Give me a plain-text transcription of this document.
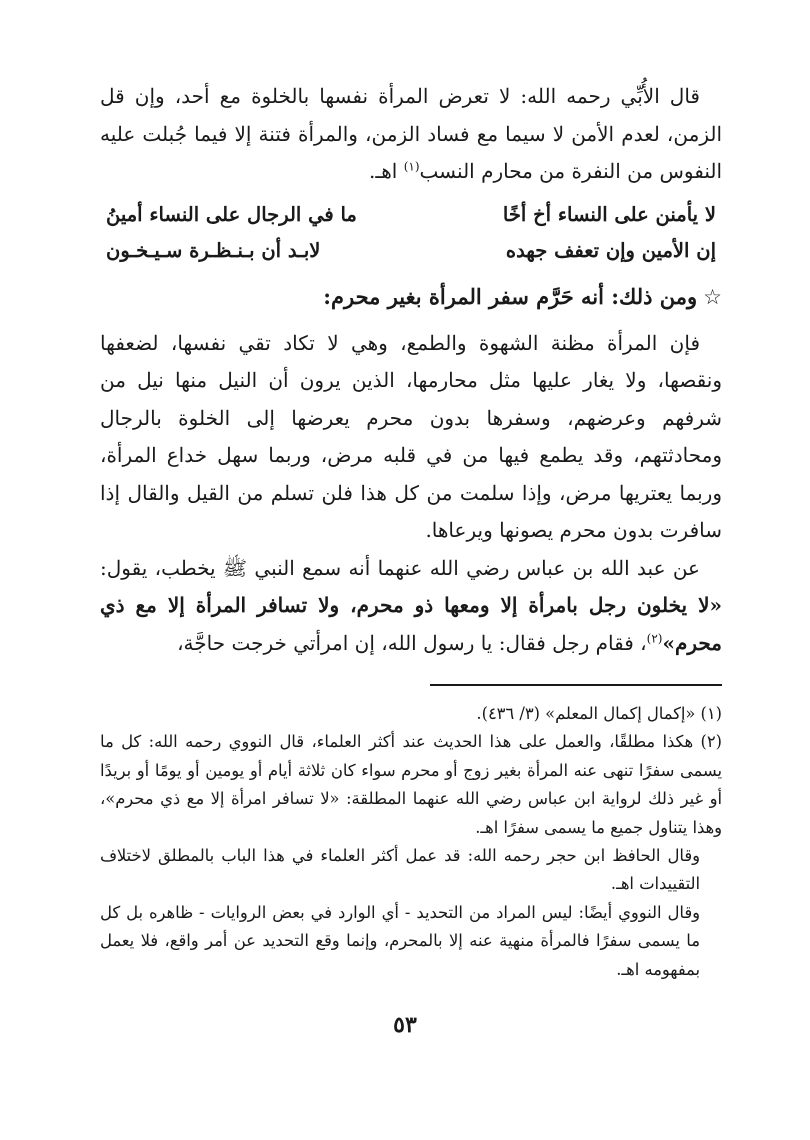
قال الأُبِّي رحمه الله: لا تعرض المرأة نفسها بالخلوة مع أحد، وإن قل الزمن، لعدم الأمن لا سيما مع فساد الزمن، والمرأة فتنة إلا فيما جُبلت عليه النفوس من النفرة من محارم النسب$^{(١)}$ اهـ.

لا يأمنن على النساء أخ أخًا
ما في الرجال على النساء أمينُ
إن الأمين وإن تعفف جهده
لابـد أن بـنـظـرة سـيـخـون
☆ومن ذلك: أنه حَرَّم سفر المرأة بغير محرم:

فإن المرأة مظنة الشهوة والطمع، وهي لا تكاد تقي نفسها، لضعفها ونقصها، ولا يغار عليها مثل محارمها، الذين يرون أن النيل منها نيل من شرفهم وعرضهم، وسفرها بدون محرم يعرضها إلى الخلوة بالرجال ومحادثتهم، وقد يطمع فيها من في قلبه مرض، وربما سهل خداع المرأة، وربما يعتريها مرض، وإذا سلمت من كل هذا فلن تسلم من القيل والقال إذا سافرت بدون محرم يصونها ويرعاها.

عن عبد الله بن عباس رضي الله عنهما أنه سمع النبي ﷺ يخطب، يقول: «لا يخلون رجل بامرأة إلا ومعها ذو محرم، ولا تسافر المرأة إلا مع ذي محرم»$^{(٢)}$، فقام رجل فقال: يا رسول الله، إن امرأتي خرجت حاجَّة،

(١) «إكمال إكمال المعلم» (٣/ ٤٣٦).

(٢) هكذا مطلقًا، والعمل على هذا الحديث عند أكثر العلماء، قال النووي رحمه الله: كل ما يسمى سفرًا تنهى عنه المرأة بغير زوج أو محرم سواء كان ثلاثة أيام أو يومين أو يومًا أو بريدًا أو غير ذلك لرواية ابن عباس رضي الله عنهما المطلقة: «لا تسافر امرأة إلا مع ذي محرم»، وهذا يتناول جميع ما يسمى سفرًا اهـ.

وقال الحافظ ابن حجر رحمه الله: قد عمل أكثر العلماء في هذا الباب بالمطلق لاختلاف التقييدات اهـ.

وقال النووي أيضًا: ليس المراد من التحديد - أي الوارد في بعض الروايات - ظاهره بل كل ما يسمى سفرًا فالمرأة منهية عنه إلا بالمحرم، وإنما وقع التحديد عن أمر واقع، فلا يعمل بمفهومه اهـ.

٥٣
